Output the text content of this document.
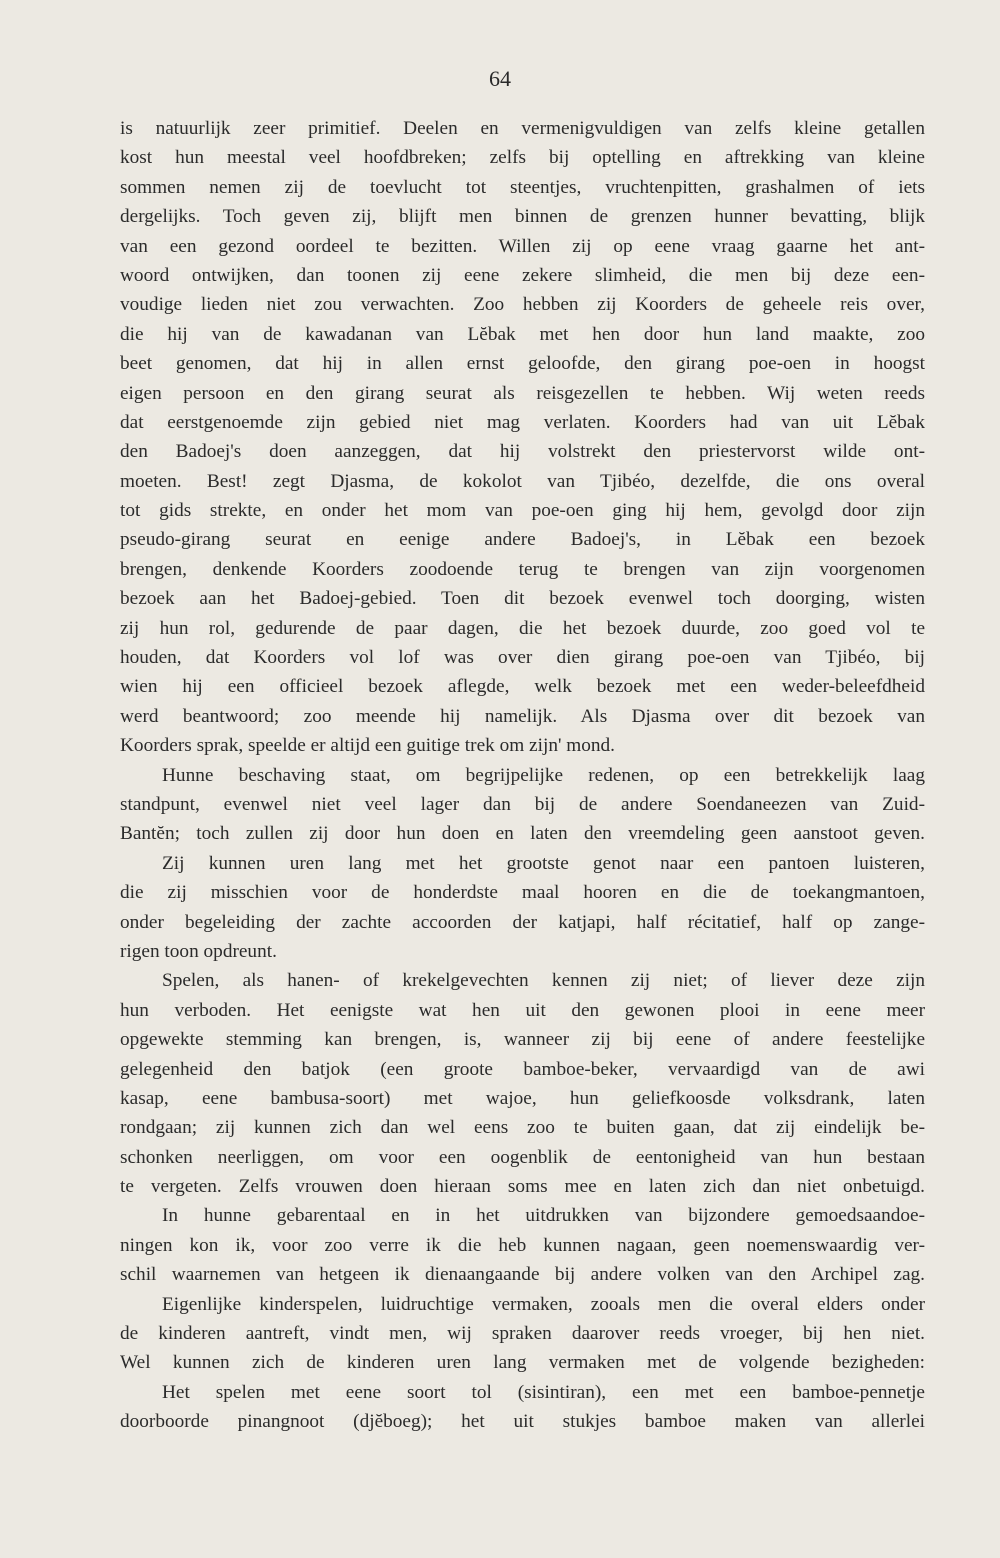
64
is natuurlijk zeer primitief. Deelen en vermenigvuldigen van zelfs kleine getallen
kost hun meestal veel hoofdbreken; zelfs bij optelling en aftrekking van kleine
sommen nemen zij de toevlucht tot steentjes, vruchtenpitten, grashalmen of iets
dergelijks. Toch geven zij, blijft men binnen de grenzen hunner bevatting, blijk
van een gezond oordeel te bezitten. Willen zij op eene vraag gaarne het ant-
woord ontwijken, dan toonen zij eene zekere slimheid, die men bij deze een-
voudige lieden niet zou verwachten. Zoo hebben zij Koorders de geheele reis over,
die hij van de kawadanan van Lĕbak met hen door hun land maakte, zoo
beet genomen, dat hij in allen ernst geloofde, den girang poe-oen in hoogst
eigen persoon en den girang seurat als reisgezellen te hebben. Wij weten reeds
dat eerstgenoemde zijn gebied niet mag verlaten. Koorders had van uit Lĕbak
den Badoej's doen aanzeggen, dat hij volstrekt den priestervorst wilde ont-
moeten. Best! zegt Djasma, de kokolot van Tjibéo, dezelfde, die ons overal
tot gids strekte, en onder het mom van poe-oen ging hij hem, gevolgd door zijn
pseudo-girang seurat en eenige andere Badoej's, in Lĕbak een bezoek
brengen, denkende Koorders zoodoende terug te brengen van zijn voorgenomen
bezoek aan het Badoej-gebied. Toen dit bezoek evenwel toch doorging, wisten
zij hun rol, gedurende de paar dagen, die het bezoek duurde, zoo goed vol te
houden, dat Koorders vol lof was over dien girang poe-oen van Tjibéo, bij
wien hij een officieel bezoek aflegde, welk bezoek met een weder-beleefdheid
werd beantwoord; zoo meende hij namelijk. Als Djasma over dit bezoek van
Koorders sprak, speelde er altijd een guitige trek om zijn' mond.
Hunne beschaving staat, om begrijpelijke redenen, op een betrekkelijk laag
standpunt, evenwel niet veel lager dan bij de andere Soendaneezen van Zuid-
Bantĕn; toch zullen zij door hun doen en laten den vreemdeling geen aanstoot geven.
Zij kunnen uren lang met het grootste genot naar een pantoen luisteren,
die zij misschien voor de honderdste maal hooren en die de toekangmantoen,
onder begeleiding der zachte accoorden der katjapi, half récitatief, half op zange-
rigen toon opdreunt.
Spelen, als hanen- of krekelgevechten kennen zij niet; of liever deze zijn
hun verboden. Het eenigste wat hen uit den gewonen plooi in eene meer
opgewekte stemming kan brengen, is, wanneer zij bij eene of andere feestelijke
gelegenheid den batjok (een groote bamboe-beker, vervaardigd van de awi
kasap, eene bambusa-soort) met wajoe, hun geliefkoosde volksdrank, laten
rondgaan; zij kunnen zich dan wel eens zoo te buiten gaan, dat zij eindelijk be-
schonken neerliggen, om voor een oogenblik de eentonigheid van hun bestaan
te vergeten. Zelfs vrouwen doen hieraan soms mee en laten zich dan niet onbetuigd.
In hunne gebarentaal en in het uitdrukken van bijzondere gemoedsaandoe-
ningen kon ik, voor zoo verre ik die heb kunnen nagaan, geen noemenswaardig ver-
schil waarnemen van hetgeen ik dienaangaande bij andere volken van den Archipel zag.
Eigenlijke kinderspelen, luidruchtige vermaken, zooals men die overal elders onder
de kinderen aantreft, vindt men, wij spraken daarover reeds vroeger, bij hen niet.
Wel kunnen zich de kinderen uren lang vermaken met de volgende bezigheden:
Het spelen met eene soort tol (sisintiran), een met een bamboe-pennetje
doorboorde pinangnoot (djĕboeg); het uit stukjes bamboe maken van allerlei
